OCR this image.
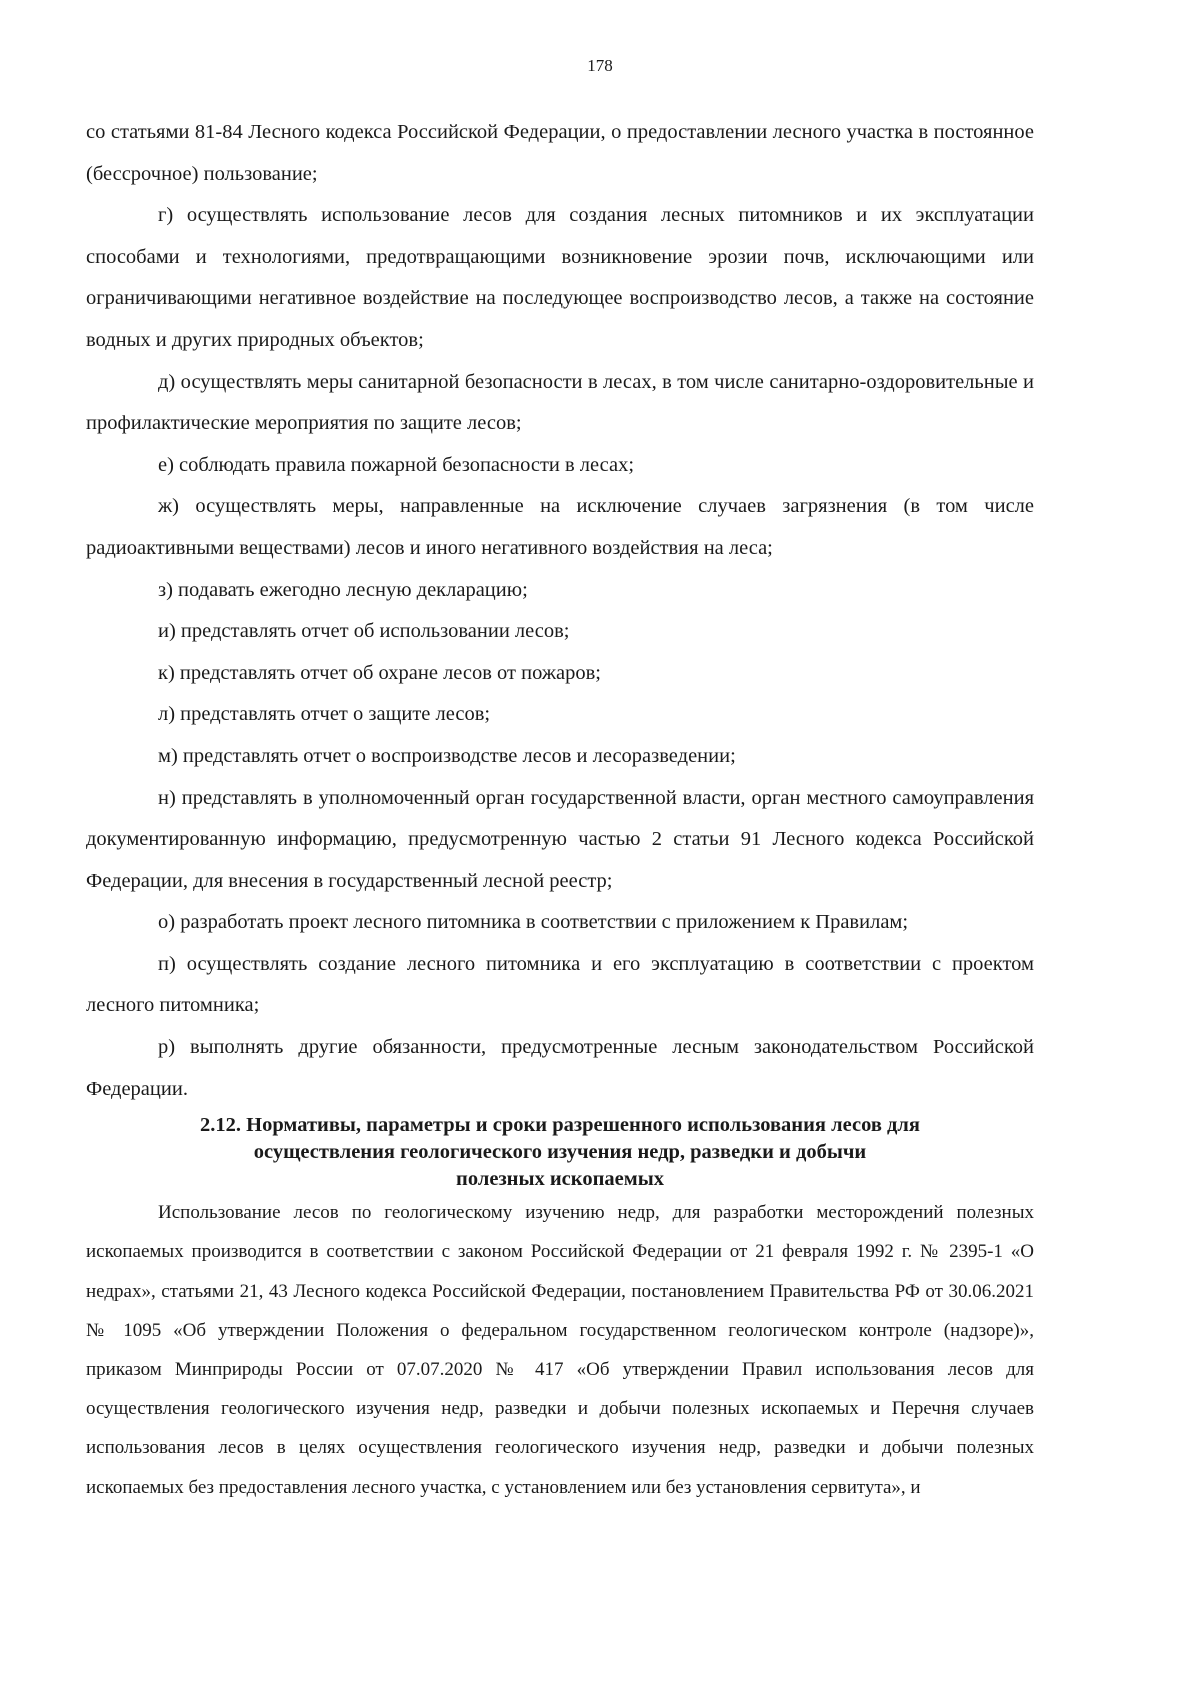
178

со статьями 81-84 Лесного кодекса Российской Федерации, о предоставлении лесного участка в постоянное (бессрочное) пользование;

г) осуществлять использование лесов для создания лесных питомников и их эксплуатации способами и технологиями, предотвращающими возникновение эрозии почв, исключающими или ограничивающими негативное воздействие на последующее воспроизводство лесов, а также на состояние водных и других природных объектов;

д) осуществлять меры санитарной безопасности в лесах, в том числе санитарно-оздоровительные и профилактические мероприятия по защите лесов;

е) соблюдать правила пожарной безопасности в лесах;

ж) осуществлять меры, направленные на исключение случаев загрязнения (в том числе радиоактивными веществами) лесов и иного негативного воздействия на леса;

з) подавать ежегодно лесную декларацию;

и) представлять отчет об использовании лесов;

к) представлять отчет об охране лесов от пожаров;

л) представлять отчет о защите лесов;

м) представлять отчет о воспроизводстве лесов и лесоразведении;

н) представлять в уполномоченный орган государственной власти, орган местного самоуправления документированную информацию, предусмотренную частью 2 статьи 91 Лесного кодекса Российской Федерации, для внесения в государственный лесной реестр;

о) разработать проект лесного питомника в соответствии с приложением к Правилам;

п) осуществлять создание лесного питомника и его эксплуатацию в соответствии с проектом лесного питомника;

р) выполнять другие обязанности, предусмотренные лесным законодательством Российской Федерации.

2.12. Нормативы, параметры и сроки разрешенного использования лесов для
осуществления геологического изучения недр, разведки и добычи
полезных ископаемых

Использование лесов по геологическому изучению недр, для разработки месторождений полезных ископаемых производится в соответствии с законом Российской Федерации от 21 февраля 1992 г. № 2395-1 «О недрах», статьями 21, 43 Лесного кодекса Российской Федерации, постановлением Правительства РФ от 30.06.2021 № 1095 «Об утверждении Положения о федеральном государственном геологическом контроле (надзоре)», приказом Минприроды России от 07.07.2020 № 417 «Об утверждении Правил использования лесов для осуществления геологического изучения недр, разведки и добычи полезных ископаемых и Перечня случаев использования лесов в целях осуществления геологического изучения недр, разведки и добычи полезных ископаемых без предоставления лесного участка, с установлением или без установления сервитута», и
